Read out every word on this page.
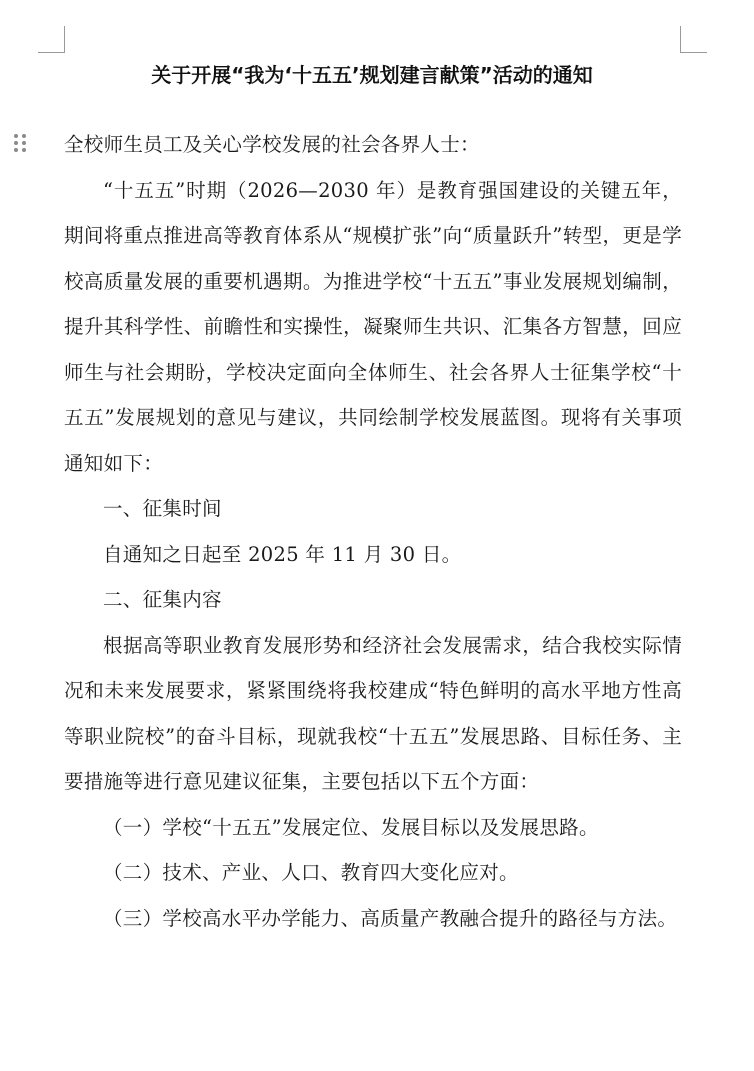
关于开展“我为‘十五五’规划建言献策”活动的通知

全校师生员工及关心学校发展的社会各界人士：

“十五五”时期（2026—2030 年）是教育强国建设的关键五年，期间将重点推进高等教育体系从“规模扩张”向“质量跃升”转型，更是学校高质量发展的重要机遇期。为推进学校“十五五”事业发展规划编制，提升其科学性、前瞻性和实操性，凝聚师生共识、汇集各方智慧，回应师生与社会期盼，学校决定面向全体师生、社会各界人士征集学校“十五五”发展规划的意见与建议，共同绘制学校发展蓝图。现将有关事项通知如下：

一、征集时间

自通知之日起至 2025 年 11 月 30 日。

二、征集内容

根据高等职业教育发展形势和经济社会发展需求，结合我校实际情况和未来发展要求，紧紧围绕将我校建成“特色鲜明的高水平地方性高等职业院校”的奋斗目标，现就我校“十五五”发展思路、目标任务、主要措施等进行意见建议征集，主要包括以下五个方面：

（一）学校“十五五”发展定位、发展目标以及发展思路。

（二）技术、产业、人口、教育四大变化应对。

（三）学校高水平办学能力、高质量产教融合提升的路径与方法。
